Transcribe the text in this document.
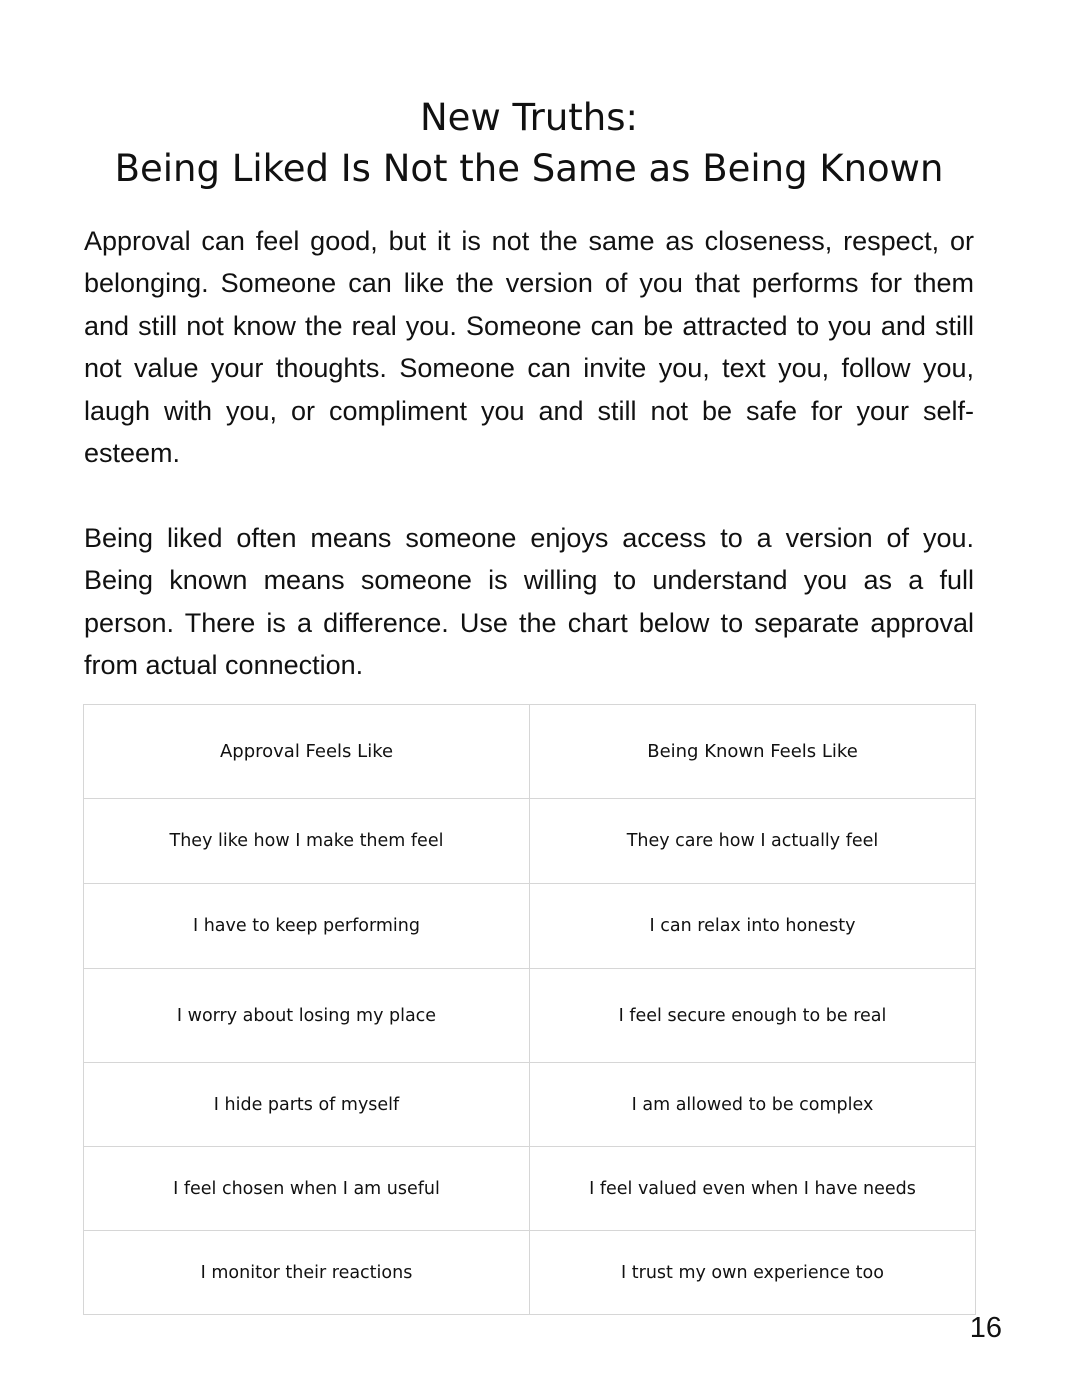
New Truths:
Being Liked Is Not the Same as Being Known

Approval can feel good, but it is not the same as closeness, respect, or belonging. Someone can like the version of you that performs for them and still not know the real you. Someone can be attracted to you and still not value your thoughts. Someone can invite you, text you, follow you, laugh with you, or compliment you and still not be safe for your self-esteem.

Being liked often means someone enjoys access to a version of you. Being known means someone is willing to understand you as a full person. There is a difference. Use the chart below to separate approval from actual connection.

Approval Feels Like	Being Known Feels Like
They like how I make them feel	They care how I actually feel
I have to keep performing	I can relax into honesty
I worry about losing my place	I feel secure enough to be real
I hide parts of myself	I am allowed to be complex
I feel chosen when I am useful	I feel valued even when I have needs
I monitor their reactions	I trust my own experience too
16
